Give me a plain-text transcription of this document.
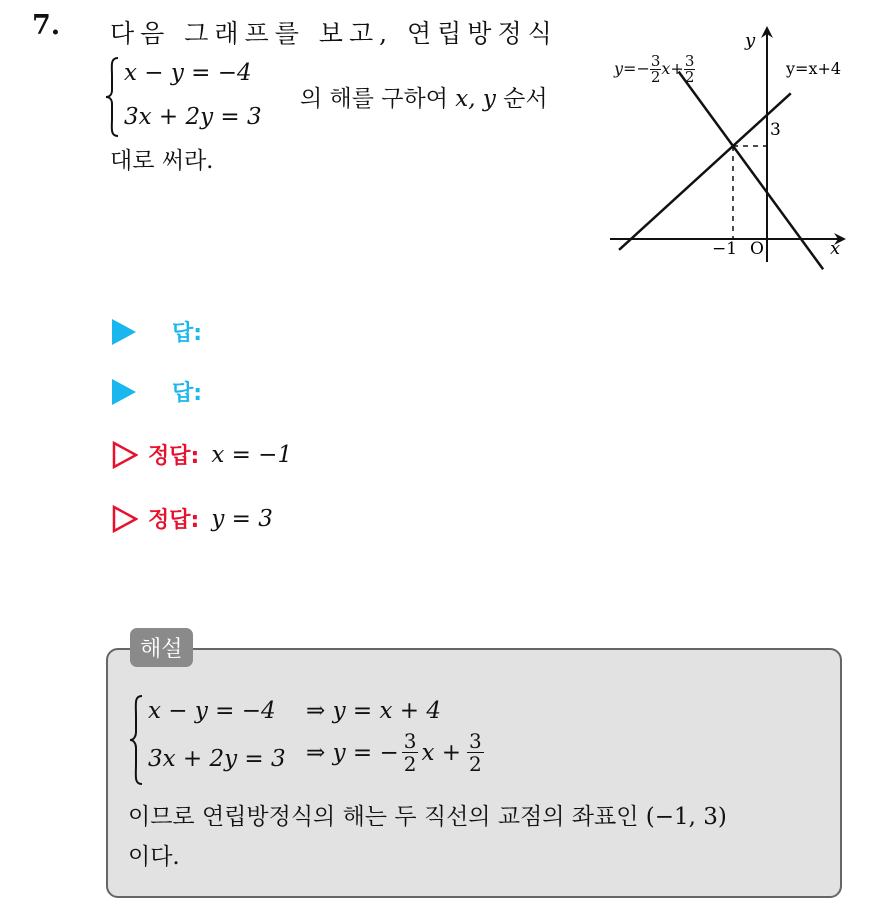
7. 다음 그래프를 보고, 연립방정식
x − y = −4
3x + 2y = 3
의 해를 구하여 x, y 순서
대로 써라.
y
x
O
−1
3
y=x+4
$y=- \frac{3}{2} x+ \frac{3}{2}$
답:
답:
정답: x = −1
정답: y = 3
해설
x − y = −4 ⇒ y = x + 4
3x + 2y = 3 ⇒ y = − $\frac{3}{2}$ $x + \frac{3}{2}$
이므로 연립방정식의 해는 두 직선의 교점의 좌표인 (−1, 3)
이다.
